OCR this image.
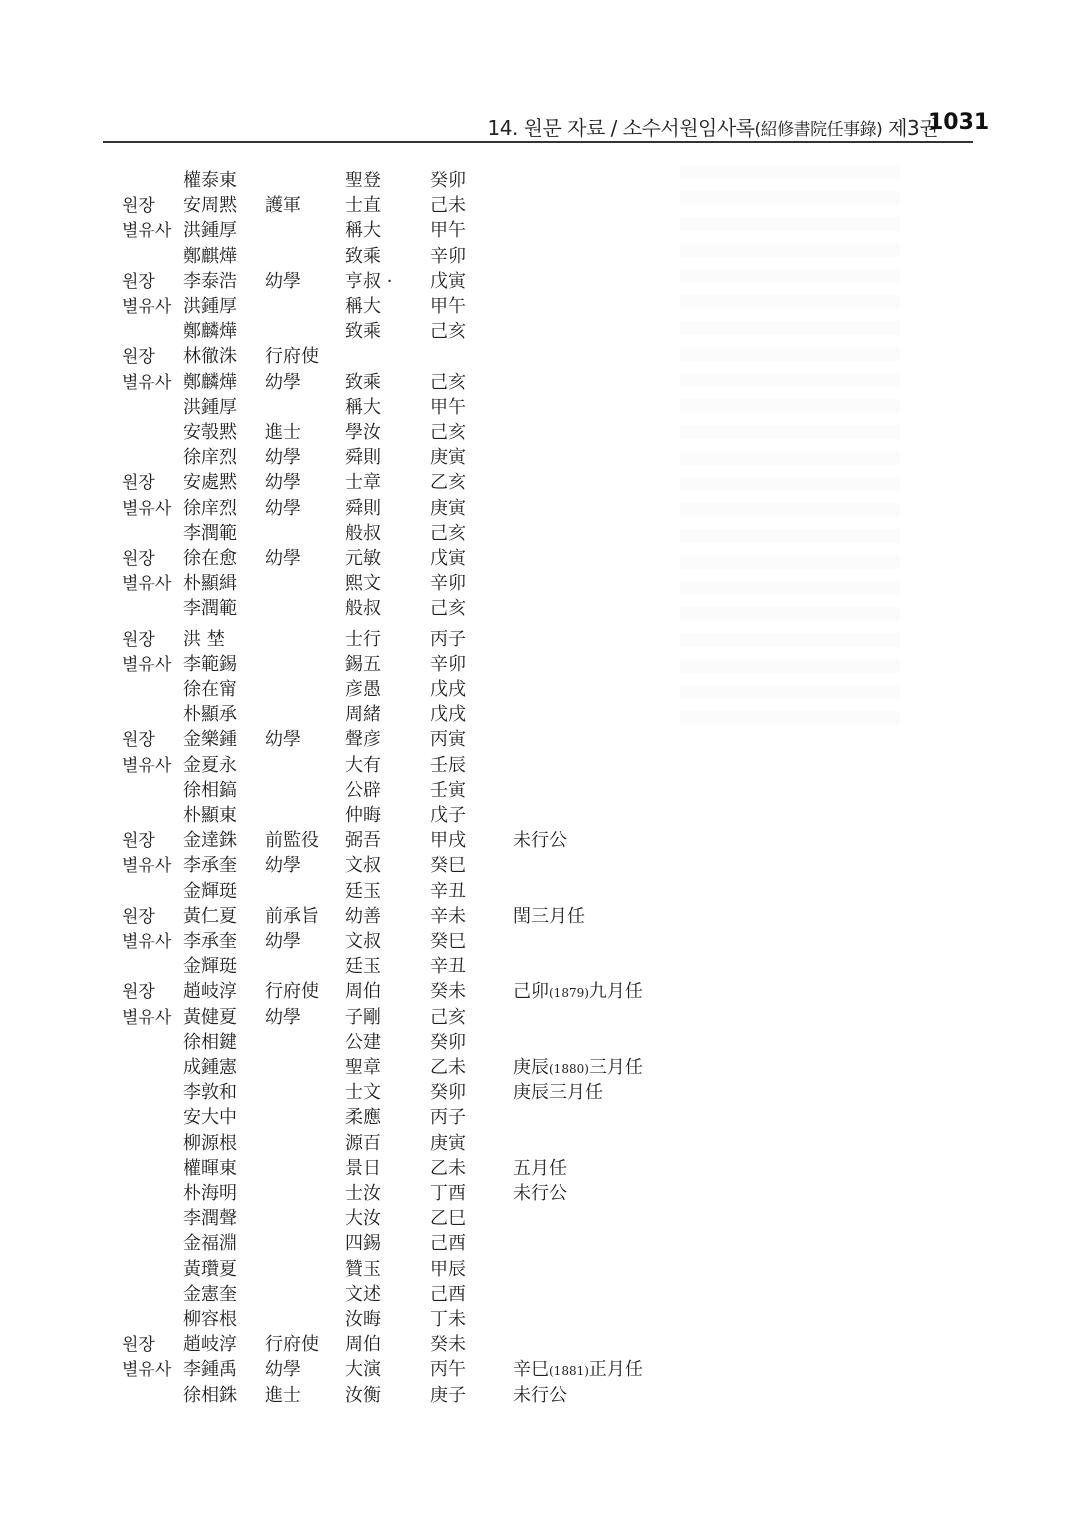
14. 원문 자료 / 소수서원임사록(紹修書院任事錄) 제3권
1031
權泰東	聖登	癸卯
원장 安周黙 護軍 士直	己未
별유사 洪鍾厚	稱大	甲午
鄭麒燁	致乘	辛卯
원장 李泰浩 幼學 亨叔 · 戊寅
별유사 洪鍾厚	稱大	甲午
鄭麟燁	致乘	己亥
원장 林徹洙 行府使
별유사 鄭麟燁 幼學 致乘	己亥
洪鍾厚	稱大	甲午
安彀黙 進士 學汝	己亥
徐庠烈 幼學 舜則	庚寅
원장 安處黙 幼學 士章	乙亥
별유사 徐庠烈 幼學 舜則	庚寅
李潤範	般叔	己亥
원장 徐在愈 幼學 元敏	戊寅
별유사 朴顯緝	熙文	辛卯
李潤範	般叔	己亥
원장 洪 埜	士行	丙子
별유사 李範錫	錫五	辛卯
徐在甯	彦愚	戊戌
朴顯承	周緒	戊戌
원장 金樂鍾 幼學 聲彦	丙寅
별유사 金夏永	大有	壬辰
徐相鎬	公辟	壬寅
朴顯東	仲晦	戊子
원장 金達銖 前監役 弼吾	甲戌	未行公
별유사 李承奎 幼學 文叔	癸巳
金輝珽	廷玉	辛丑
원장 黃仁夏 前承旨 幼善	辛未	閏三月任
별유사 李承奎 幼學 文叔	癸巳
金輝珽	廷玉	辛丑
원장 趙岐淳 行府使 周伯	癸未	己卯(1879)九月任
별유사 黃健夏 幼學 子剛	己亥
徐相鍵	公建	癸卯
成鍾憲	聖章	乙未	庚辰(1880)三月任
李敦和	士文	癸卯	庚辰三月任
安大中	柔應	丙子
柳源根	源百	庚寅
權暉東	景日	乙未	五月任
朴海明	士汝	丁酉	未行公
李潤聲	大汝	乙巳
金福淵	四錫	己酉
黃瓚夏	贊玉	甲辰
金憲奎	文述	己酉
柳容根	汝晦	丁未
원장 趙岐淳 行府使 周伯	癸未
별유사 李鍾禹 幼學 大演	丙午	辛巳(1881)正月任
徐相銖 進士 汝衡	庚子	未行公
